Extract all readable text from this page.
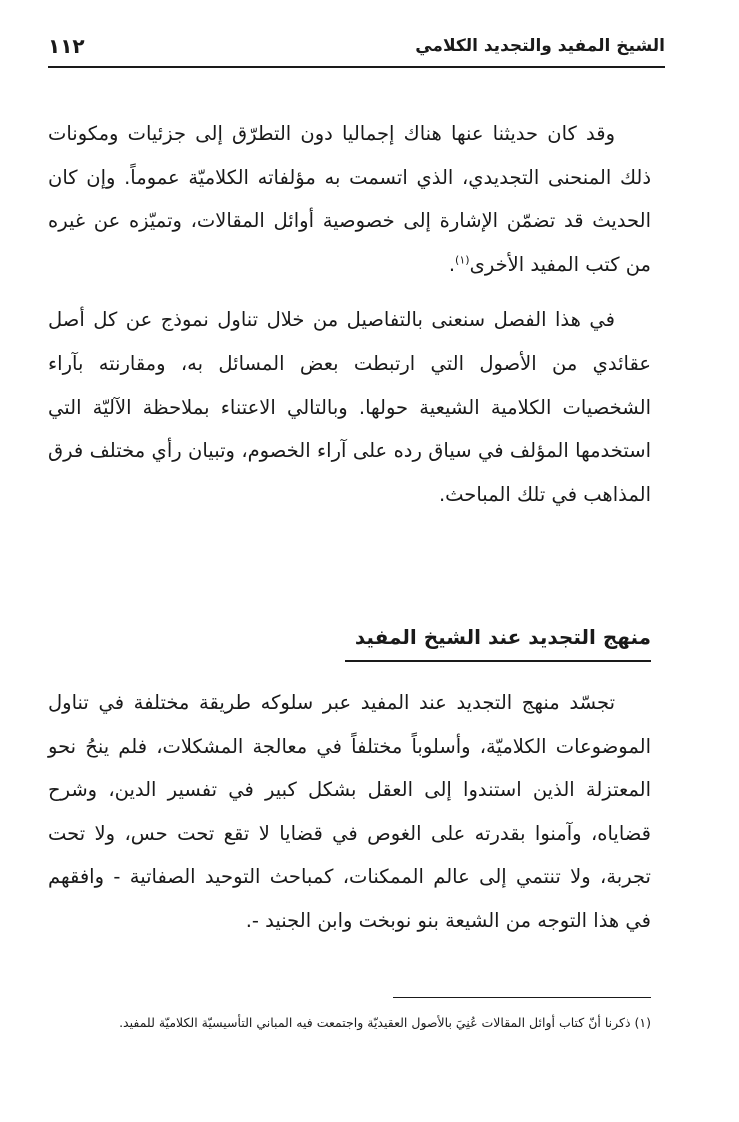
الشيخ المفيد والتجديد الكلامي
١١٢

وقد كان حديثنا عنها هناك إجماليا دون التطرّق إلى جزئيات ومكونات ذلك المنحنى التجديدي، الذي اتسمت به مؤلفاته الكلاميّة عموماً. وإن كان الحديث قد تضمّن الإشارة إلى خصوصية أوائل المقالات، وتميّزه عن غيره من كتب المفيد الأخرى$^{(١)}$.

في هذا الفصل سنعنى بالتفاصيل من خلال تناول نموذج عن كل أصل عقائدي من الأصول التي ارتبطت بعض المسائل به، ومقارنته بآراء الشخصيات الكلامية الشيعية حولها. وبالتالي الاعتناء بملاحظة الآليّة التي استخدمها المؤلف في سياق رده على آراء الخصوم، وتبيان رأي مختلف فرق المذاهب في تلك المباحث.

منهج التجديد عند الشيخ المفيد

تجسّد منهج التجديد عند المفيد عبر سلوكه طريقة مختلفة في تناول الموضوعات الكلاميّة، وأسلوباً مختلفاً في معالجة المشكلات، فلم ينحُ نحو المعتزلة الذين استندوا إلى العقل بشكل كبير في تفسير الدين، وشرح قضاياه، وآمنوا بقدرته على الغوص في قضايا لا تقع تحت حس، ولا تحت تجربة، ولا تنتمي إلى عالم الممكنات، كمباحث التوحيد الصفاتية - وافقهم في هذا التوجه من الشيعة بنو نوبخت وابن الجنيد -.

(١) ذكرنا أنّ كتاب أوائل المقالات عُنِيَ بالأصول العقيديّة واجتمعت فيه المباني التأسيسيّة الكلاميّة للمفيد.
